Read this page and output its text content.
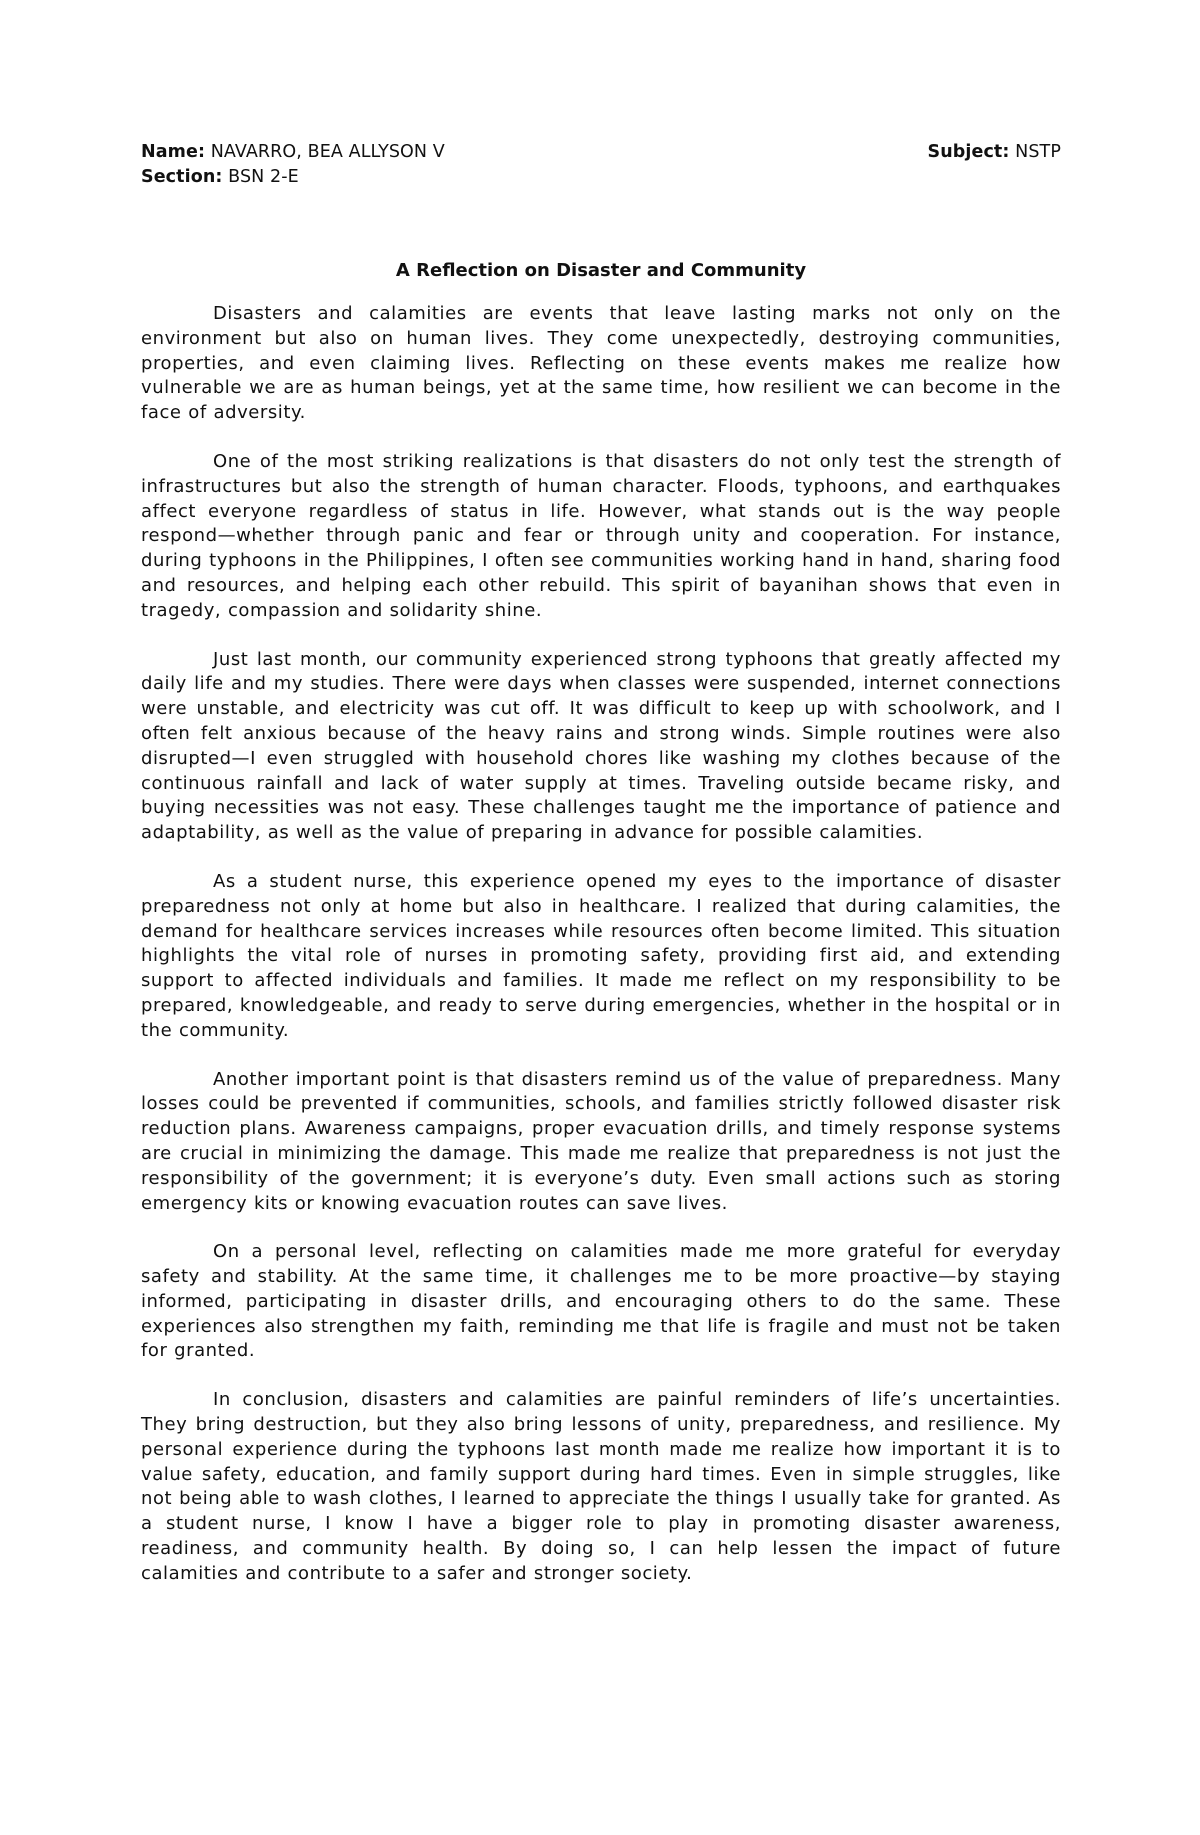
Name: NAVARRO, BEA ALLYSON V	Subject: NSTP
Section: BSN 2-E
A Reflection on Disaster and Community

Disasters and calamities are events that leave lasting marks not only on the environment but also on human lives. They come unexpectedly, destroying communities, properties, and even claiming lives. Reflecting on these events makes me realize how vulnerable we are as human beings, yet at the same time, how resilient we can become in the face of adversity.

One of the most striking realizations is that disasters do not only test the strength of infrastructures but also the strength of human character. Floods, typhoons, and earthquakes affect everyone regardless of status in life. However, what stands out is the way people respond—whether through panic and fear or through unity and cooperation. For instance, during typhoons in the Philippines, I often see communities working hand in hand, sharing food and resources, and helping each other rebuild. This spirit of bayanihan shows that even in tragedy, compassion and solidarity shine.

Just last month, our community experienced strong typhoons that greatly affected my daily life and my studies. There were days when classes were suspended, internet connections were unstable, and electricity was cut off. It was difficult to keep up with schoolwork, and I often felt anxious because of the heavy rains and strong winds. Simple routines were also disrupted—I even struggled with household chores like washing my clothes because of the continuous rainfall and lack of water supply at times. Traveling outside became risky, and buying necessities was not easy. These challenges taught me the importance of patience and adaptability, as well as the value of preparing in advance for possible calamities.

As a student nurse, this experience opened my eyes to the importance of disaster preparedness not only at home but also in healthcare. I realized that during calamities, the demand for healthcare services increases while resources often become limited. This situation highlights the vital role of nurses in promoting safety, providing first aid, and extending support to affected individuals and families. It made me reflect on my responsibility to be prepared, knowledgeable, and ready to serve during emergencies, whether in the hospital or in the community.

Another important point is that disasters remind us of the value of preparedness. Many losses could be prevented if communities, schools, and families strictly followed disaster risk reduction plans. Awareness campaigns, proper evacuation drills, and timely response systems are crucial in minimizing the damage. This made me realize that preparedness is not just the responsibility of the government; it is everyone’s duty. Even small actions such as storing emergency kits or knowing evacuation routes can save lives.

On a personal level, reflecting on calamities made me more grateful for everyday safety and stability. At the same time, it challenges me to be more proactive—by staying informed, participating in disaster drills, and encouraging others to do the same. These experiences also strengthen my faith, reminding me that life is fragile and must not be taken for granted.

In conclusion, disasters and calamities are painful reminders of life’s uncertainties. They bring destruction, but they also bring lessons of unity, preparedness, and resilience. My personal experience during the typhoons last month made me realize how important it is to value safety, education, and family support during hard times. Even in simple struggles, like not being able to wash clothes, I learned to appreciate the things I usually take for granted. As a student nurse, I know I have a bigger role to play in promoting disaster awareness, readiness, and community health. By doing so, I can help lessen the impact of future calamities and contribute to a safer and stronger society.
